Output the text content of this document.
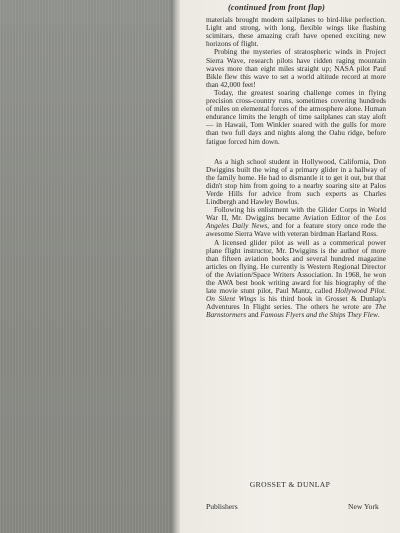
(continued from front flap)

materials brought modern sailplanes to bird-like perfection. Light and strong, with long, flexible wings like flashing scimitars, these amazing craft have opened exciting new horizons of flight.

Probing the mysteries of stratospheric winds in Project Sierra Wave, research pilots have ridden raging mountain waves more than eight miles straight up; NASA pilot Paul Bikle flew this wave to set a world altitude record at more than 42,000 feet!

Today, the greatest soaring challenge comes in flying precision cross-country runs, sometimes covering hundreds of miles on elemental forces of the atmosphere alone. Human endurance limits the length of time sailplanes can stay aloft — in Hawaii, Tom Winkler soared with the gulls for more than two full days and nights along the Oahu ridge, before fatigue forced him down.

As a high school student in Hollywood, California, Don Dwiggins built the wing of a primary glider in a hallway of the family home. He had to dismantle it to get it out, but that didn't stop him from going to a nearby soaring site at Palos Verde Hills for advice from such experts as Charles Lindbergh and Hawley Bowlus.

Following his enlistment with the Glider Corps in World War II, Mr. Dwiggins became Aviation Editor of the Los Angeles Daily News, and for a feature story once rode the awesome Sierra Wave with veteran birdman Harland Ross.

A licensed glider pilot as well as a commerical power plane flight instructor, Mr. Dwiggins is the author of more than fifteen aviation books and several hundred magazine articles on flying. He currently is Western Regional Director of the Aviation/Space Writers Association. In 1968, he won the AWA best book writing award for his biography of the late movie stunt pilot, Paul Mantz, called Hollywood Pilot. On Silent Wings is his third book in Grosset & Dunlap's Adventures In Flight series. The others he wrote are The Barnstormers and Famous Flyers and the Ships They Flew.

GROSSET & DUNLAP
Publishers	New York
